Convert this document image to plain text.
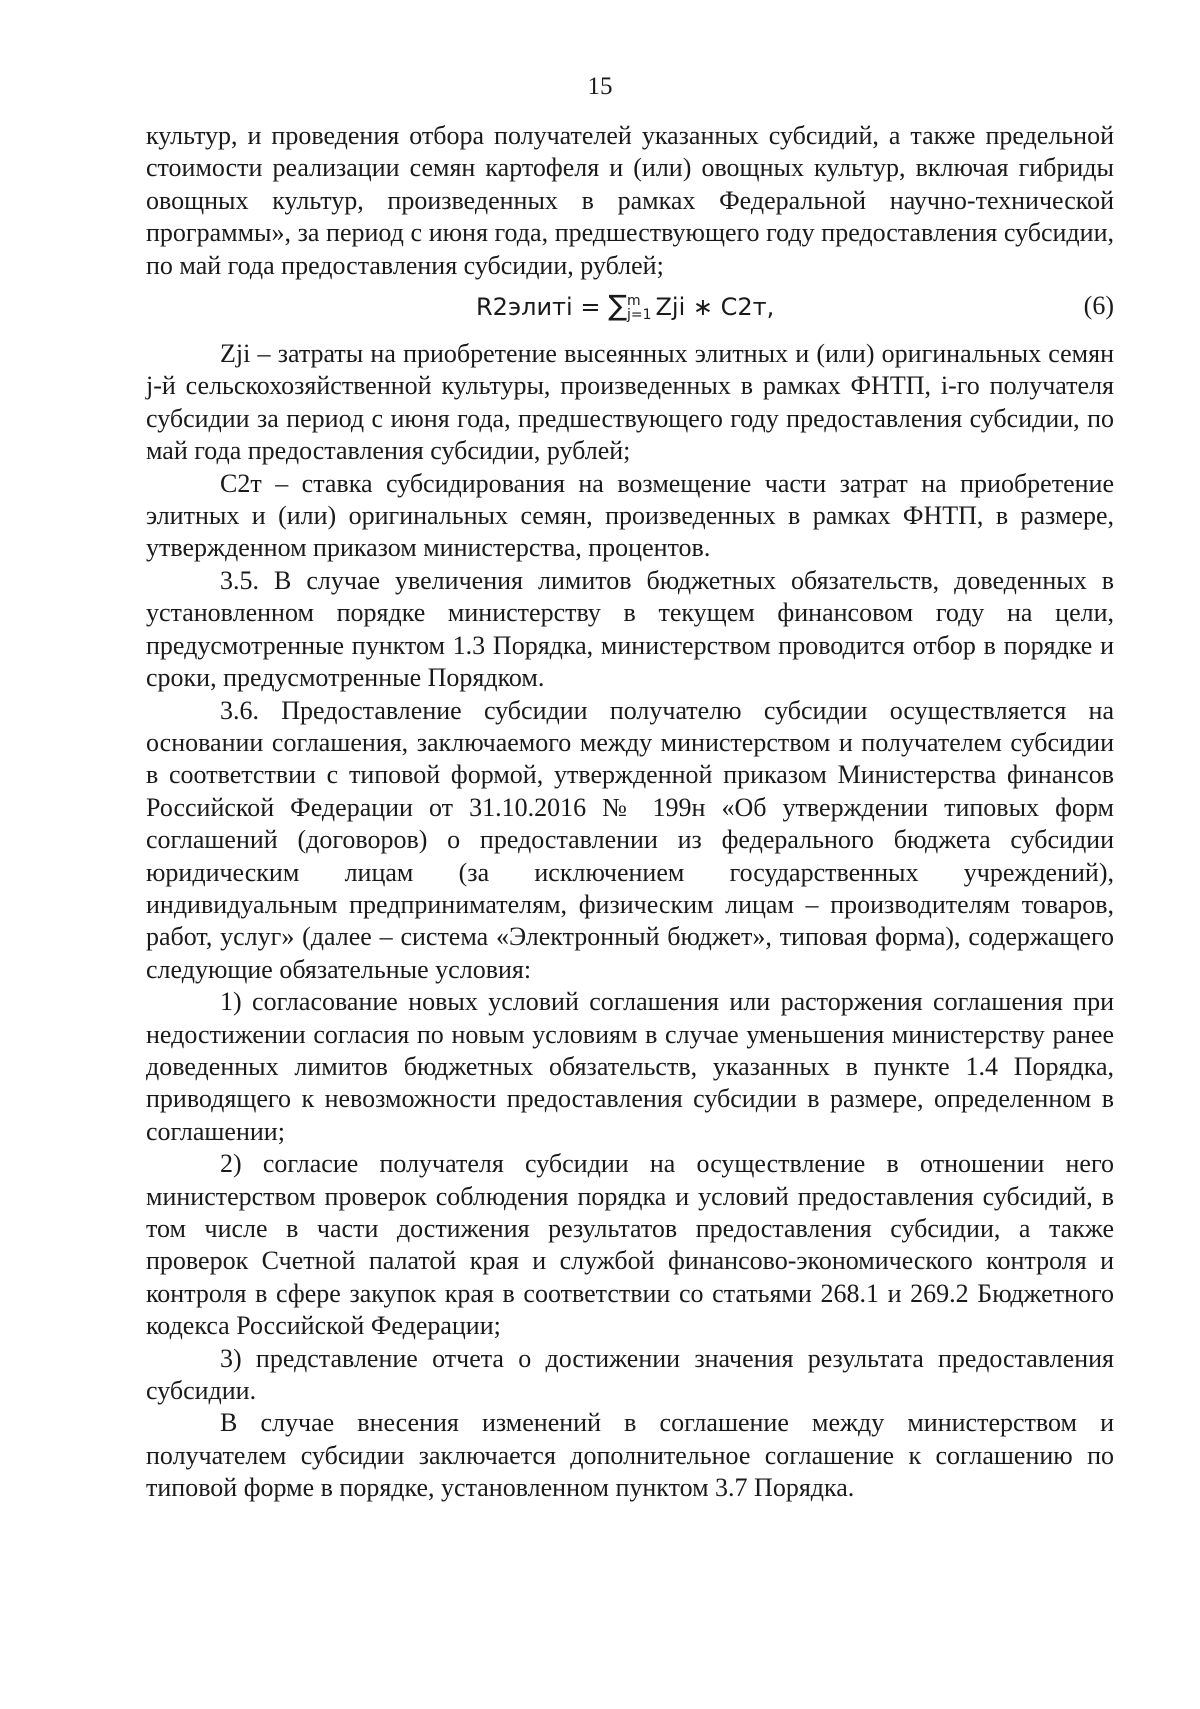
15

культур, и проведения отбора получателей указанных субсидий, а также предельной стоимости реализации семян картофеля и (или) овощных культур, включая гибриды овощных культур, произведенных в рамках Федеральной научно-технической программы», за период с июня года, предшествующего году предоставления субсидии, по май года предоставления субсидии, рублей;

R2элитi = ∑ m
j=1 Zji ∗ C2т,	(6)

Zji – затраты на приобретение высеянных элитных и (или) оригинальных семян j-й сельскохозяйственной культуры, произведенных в рамках ФНТП, i-го получателя субсидии за период с июня года, предшествующего году предоставления субсидии, по май года предоставления субсидии, рублей;

С2т – ставка субсидирования на возмещение части затрат на приобретение элитных и (или) оригинальных семян, произведенных в рамках ФНТП, в размере, утвержденном приказом министерства, процентов.

3.5. В случае увеличения лимитов бюджетных обязательств, доведенных в установленном порядке министерству в текущем финансовом году на цели, предусмотренные пунктом 1.3 Порядка, министерством проводится отбор в порядке и сроки, предусмотренные Порядком.

3.6. Предоставление субсидии получателю субсидии осуществляется на основании соглашения, заключаемого между министерством и получателем субсидии в соответствии с типовой формой, утвержденной приказом Министерства финансов Российской Федерации от 31.10.2016 № 199н «Об утверждении типовых форм соглашений (договоров) о предоставлении из федерального бюджета субсидии юридическим лицам (за исключением государственных учреждений), индивидуальным предпринимателям, физическим лицам – производителям товаров, работ, услуг» (далее – система «Электронный бюджет», типовая форма), содержащего следующие обязательные условия:

1) согласование новых условий соглашения или расторжения соглашения при недостижении согласия по новым условиям в случае уменьшения министерству ранее доведенных лимитов бюджетных обязательств, указанных в пункте 1.4 Порядка, приводящего к невозможности предоставления субсидии в размере, определенном в соглашении;

2) согласие получателя субсидии на осуществление в отношении него министерством проверок соблюдения порядка и условий предоставления субсидий, в том числе в части достижения результатов предоставления субсидии, а также проверок Счетной палатой края и службой финансово-экономического контроля и контроля в сфере закупок края в соответствии со статьями 268.1 и 269.2 Бюджетного кодекса Российской Федерации;

3) представление отчета о достижении значения результата предоставления субсидии.

В случае внесения изменений в соглашение между министерством и получателем субсидии заключается дополнительное соглашение к соглашению по типовой форме в порядке, установленном пунктом 3.7 Порядка.
